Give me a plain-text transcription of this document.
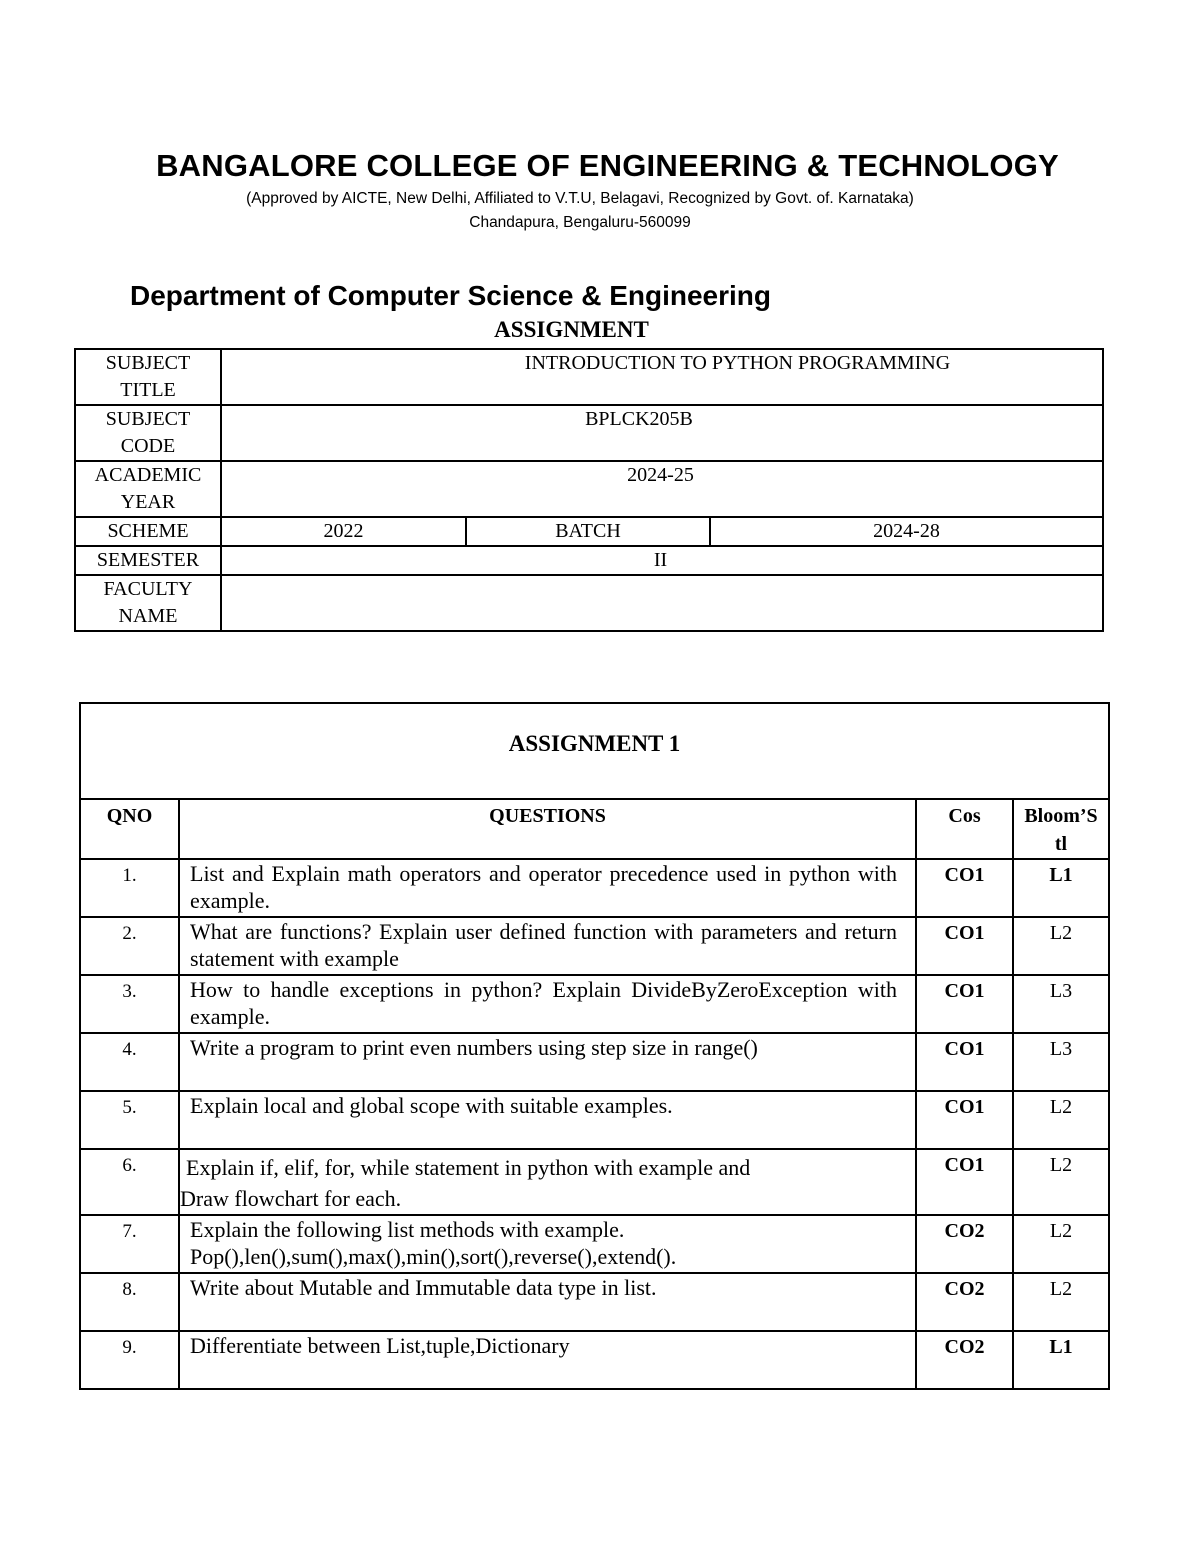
BANGALORE COLLEGE OF ENGINEERING & TECHNOLOGY
(Approved by AICTE, New Delhi, Affiliated to V.T.U, Belagavi, Recognized by Govt. of. Karnataka)
Chandapura, Bengaluru-560099
Department of Computer Science & Engineering
ASSIGNMENT
SUBJECT
TITLE	INTRODUCTION TO PYTHON PROGRAMMING		

SUBJECT
CODE	BPLCK205B		

ACADEMIC
YEAR	2024-25		

SCHEME	2022	BATCH	2024-28
SEMESTER	II		

FACULTY
NAME			

ASSIGNMENT 1			

QNO	QUESTIONS	Cos	Bloom’S
tl

1.	List and Explain math operators and operator precedence used in python with example.	CO1	L1
2.	What are functions? Explain user defined function with parameters and return statement with example	CO1	L2
3.	How to handle exceptions in python? Explain DivideByZeroException with example.	CO1	L3
4.	Write a program to print even numbers using step size in range()	CO1	L3
5.	Explain local and global scope with suitable examples.	CO1	L2
6.	Explain if, elif, for, while statement in python with example and
Draw flowchart for each.	CO1	L2
7.	Explain the following list methods with example.
Pop(),len(),sum(),max(),min(),sort(),reverse(),extend().	CO2	L2
8.	Write about Mutable and Immutable data type in list.	CO2	L2
9.	Differentiate between List,tuple,Dictionary	CO2	L1
